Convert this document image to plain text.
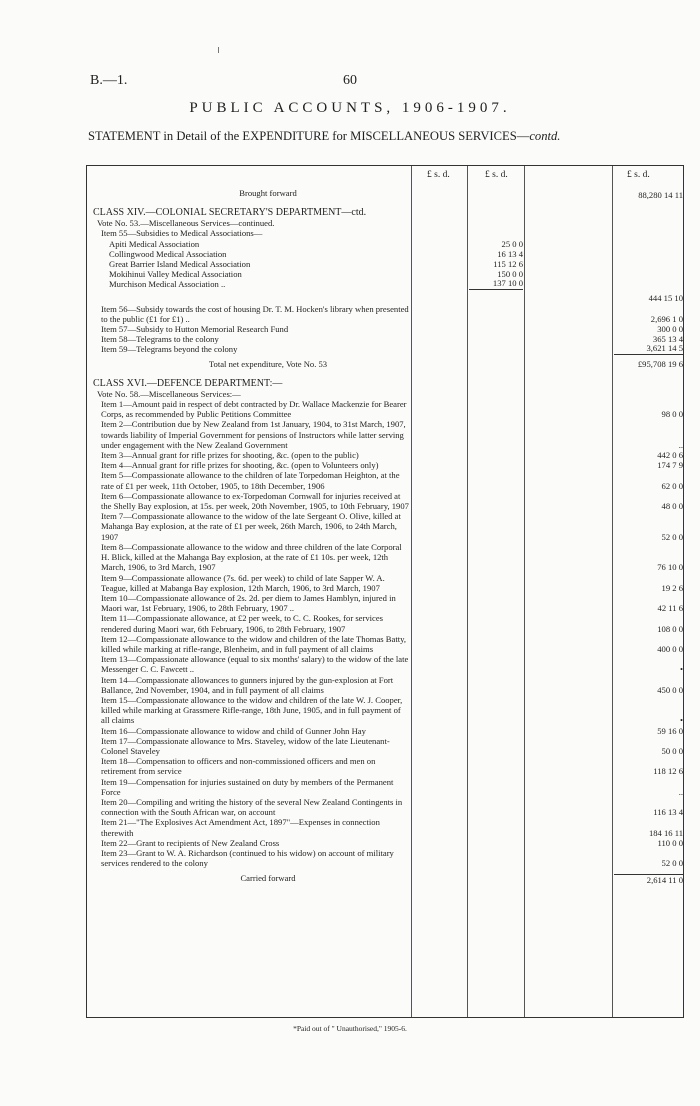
B.—1.	60
PUBLIC ACCOUNTS, 1906-1907.
STATEMENT in Detail of the EXPENDITURE for MISCELLANEOUS SERVICES—contd.
£ s. d.	£ s. d.	£ s. d.
Brought forward	88,280 14 11
CLASS XIV.—COLONIAL SECRETARY'S DEPARTMENT—ctd.
Vote No. 53.—Miscellaneous Services—continued.
Item 55—Subsidies to Medical Associations—
Apiti Medical Association	25 0 0
Collingwood Medical Association	16 13 4
Great Barrier Island Medical Association	115 12 6
Mokihinui Valley Medical Association	150 0 0
Murchison Medical Association ..	137 10 0
444 15 10
Item 56—Subsidy towards the cost of housing Dr. T. M. Hocken's library when presented to the public (£1 for £1) ..	2,696 1 0
Item 57—Subsidy to Hutton Memorial Research Fund	300 0 0
Item 58—Telegrams to the colony	365 13 4
Item 59—Telegrams beyond the colony	3,621 14 5
Total net expenditure, Vote No. 53	£95,708 19 6
CLASS XVI.—DEFENCE DEPARTMENT:—
Vote No. 58.—Miscellaneous Services:—
Item 1—Amount paid in respect of debt contracted by Dr. Wallace Mackenzie for Bearer Corps, as recommended by Public Petitions Committee	98 0 0
Item 2—Contribution due by New Zealand from 1st January, 1904, to 31st March, 1907, towards liability of Imperial Government for pensions of Instructors while latter serving under engagement with the New Zealand Government	..
Item 3—Annual grant for rifle prizes for shooting, &c. (open to the public)	442 0 6
Item 4—Annual grant for rifle prizes for shooting, &c. (open to Volunteers only)	174 7 9
Item 5—Compassionate allowance to the children of late Torpedoman Heighton, at the rate of £1 per week, 11th October, 1905, to 18th December, 1906	62 0 0
Item 6—Compassionate allowance to ex-Torpedoman Cornwall for injuries received at the Shelly Bay explosion, at 15s. per week, 20th November, 1905, to 10th February, 1907	48 0 0
Item 7—Compassionate allowance to the widow of the late Sergeant O. Olive, killed at Mahanga Bay explosion, at the rate of £1 per week, 26th March, 1906, to 24th March, 1907	52 0 0
Item 8—Compassionate allowance to the widow and three children of the late Corporal H. Blick, killed at the Mahanga Bay explosion, at the rate of £1 10s. per week, 12th March, 1906, to 3rd March, 1907	76 10 0
Item 9—Compassionate allowance (7s. 6d. per week) to child of late Sapper W. A. Teague, killed at Mabanga Bay explosion, 12th March, 1906, to 3rd March, 1907	19 2 6
Item 10—Compassionate allowance of 2s. 2d. per diem to James Hamblyn, injured in Maori war, 1st February, 1906, to 28th February, 1907 ..	42 11 6
Item 11—Compassionate allowance, at £2 per week, to C. C. Rookes, for services rendered during Maori war, 6th February, 1906, to 28th February, 1907	108 0 0
Item 12—Compassionate allowance to the widow and children of the late Thomas Batty, killed while marking at rifle-range, Blenheim, and in full payment of all claims	400 0 0
Item 13—Compassionate allowance (equal to six months' salary) to the widow of the late Messenger C. C. Fawcett ..	•
Item 14—Compassionate allowances to gunners injured by the gun-explosion at Fort Ballance, 2nd November, 1904, and in full payment of all claims	450 0 0
Item 15—Compassionate allowance to the widow and children of the late W. J. Cooper, killed while marking at Grassmere Rifle-range, 18th June, 1905, and in full payment of all claims	•
Item 16—Compassionate allowance to widow and child of Gunner John Hay	59 16 0
Item 17—Compassionate allowance to Mrs. Staveley, widow of the late Lieutenant-Colonel Staveley	50 0 0
Item 18—Compensation to officers and non-commissioned officers and men on retirement from service	118 12 6
Item 19—Compensation for injuries sustained on duty by members of the Permanent Force	..
Item 20—Compiling and writing the history of the several New Zealand Contingents in connection with the South African war, on account	116 13 4
Item 21—"The Explosives Act Amendment Act, 1897"—Expenses in connection therewith	184 16 11
Item 22—Grant to recipients of New Zealand Cross	110 0 0
Item 23—Grant to W. A. Richardson (continued to his widow) on account of military services rendered to the colony	52 0 0
Carried forward	2,614 11 0
*Paid out of " Unauthorised," 1905-6.
